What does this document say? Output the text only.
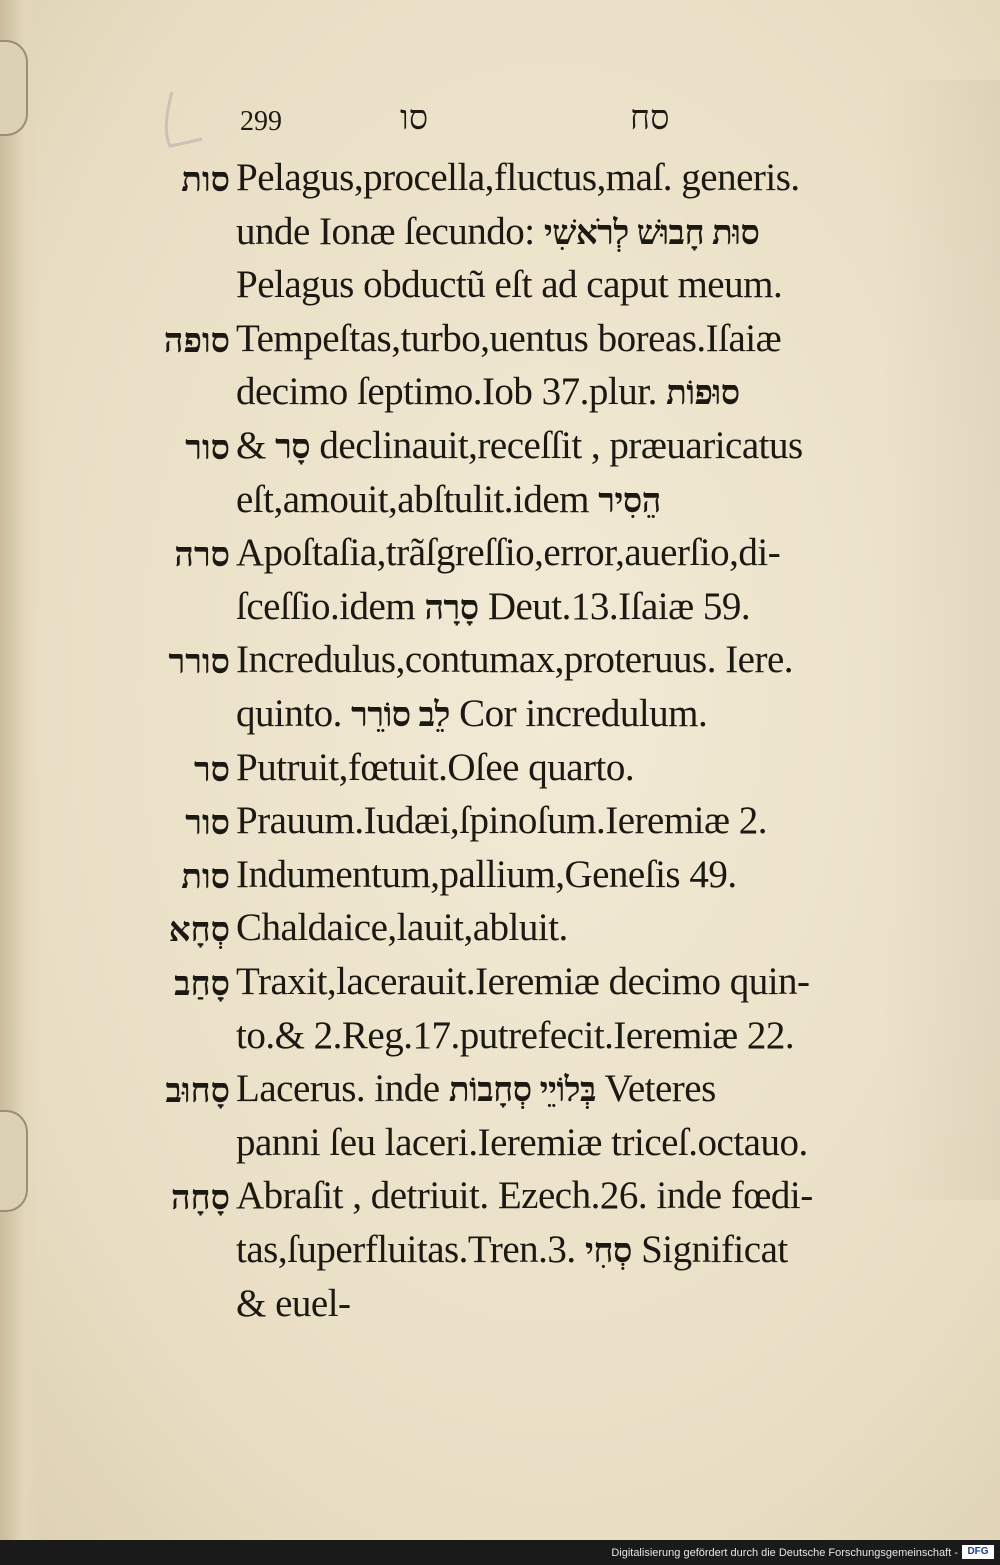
299	סו	סח
סות Pelagus,procella,fluctus,maſ. generis.
unde Ionæ ſecundo: סוּת חָבוּשׁ לְרֹאשִׁי
Pelagus obductũ eſt ad caput meum.
סופה Tempeſtas,turbo,uentus boreas.Iſaiæ
decimo ſeptimo.Iob 37.plur. סוּפוֹת
סור & סָר declinauit,receſſit , præuaricatus
eſt,amouit,abſtulit.idem הֵסִיר
סרה Apoſtaſia,trãſgreſſio,error,auerſio,di-
ſceſſio.idem סָרָה Deut.13.Iſaiæ 59.
סורר Incredulus,contumax,proteruus. Iere.
quinto. לֵב סוֹרֵר Cor incredulum.
סר Putruit,fœtuit.Oſee quarto.
סור Prauum.Iudæi,ſpinoſum.Ieremiæ 2.
סות Indumentum,pallium,Geneſis 49.
סְחָא Chaldaice,lauit,abluit.
סָחַב Traxit,lacerauit.Ieremiæ decimo quin-
to.& 2.Reg.17.putrefecit.Ieremiæ 22.
סָחוּב Lacerus. inde בְּלוֹיֵי סְחָבוֹת Veteres
panni ſeu laceri.Ieremiæ triceſ.octauo.
סָחָה Abraſit , detriuit. Ezech.26. inde fœdi-
tas,ſuperfluitas.Tren.3. סְחִי Significat
& euel-
Digitalisierung gefördert durch die Deutsche Forschungsgemeinschaft - DFG
